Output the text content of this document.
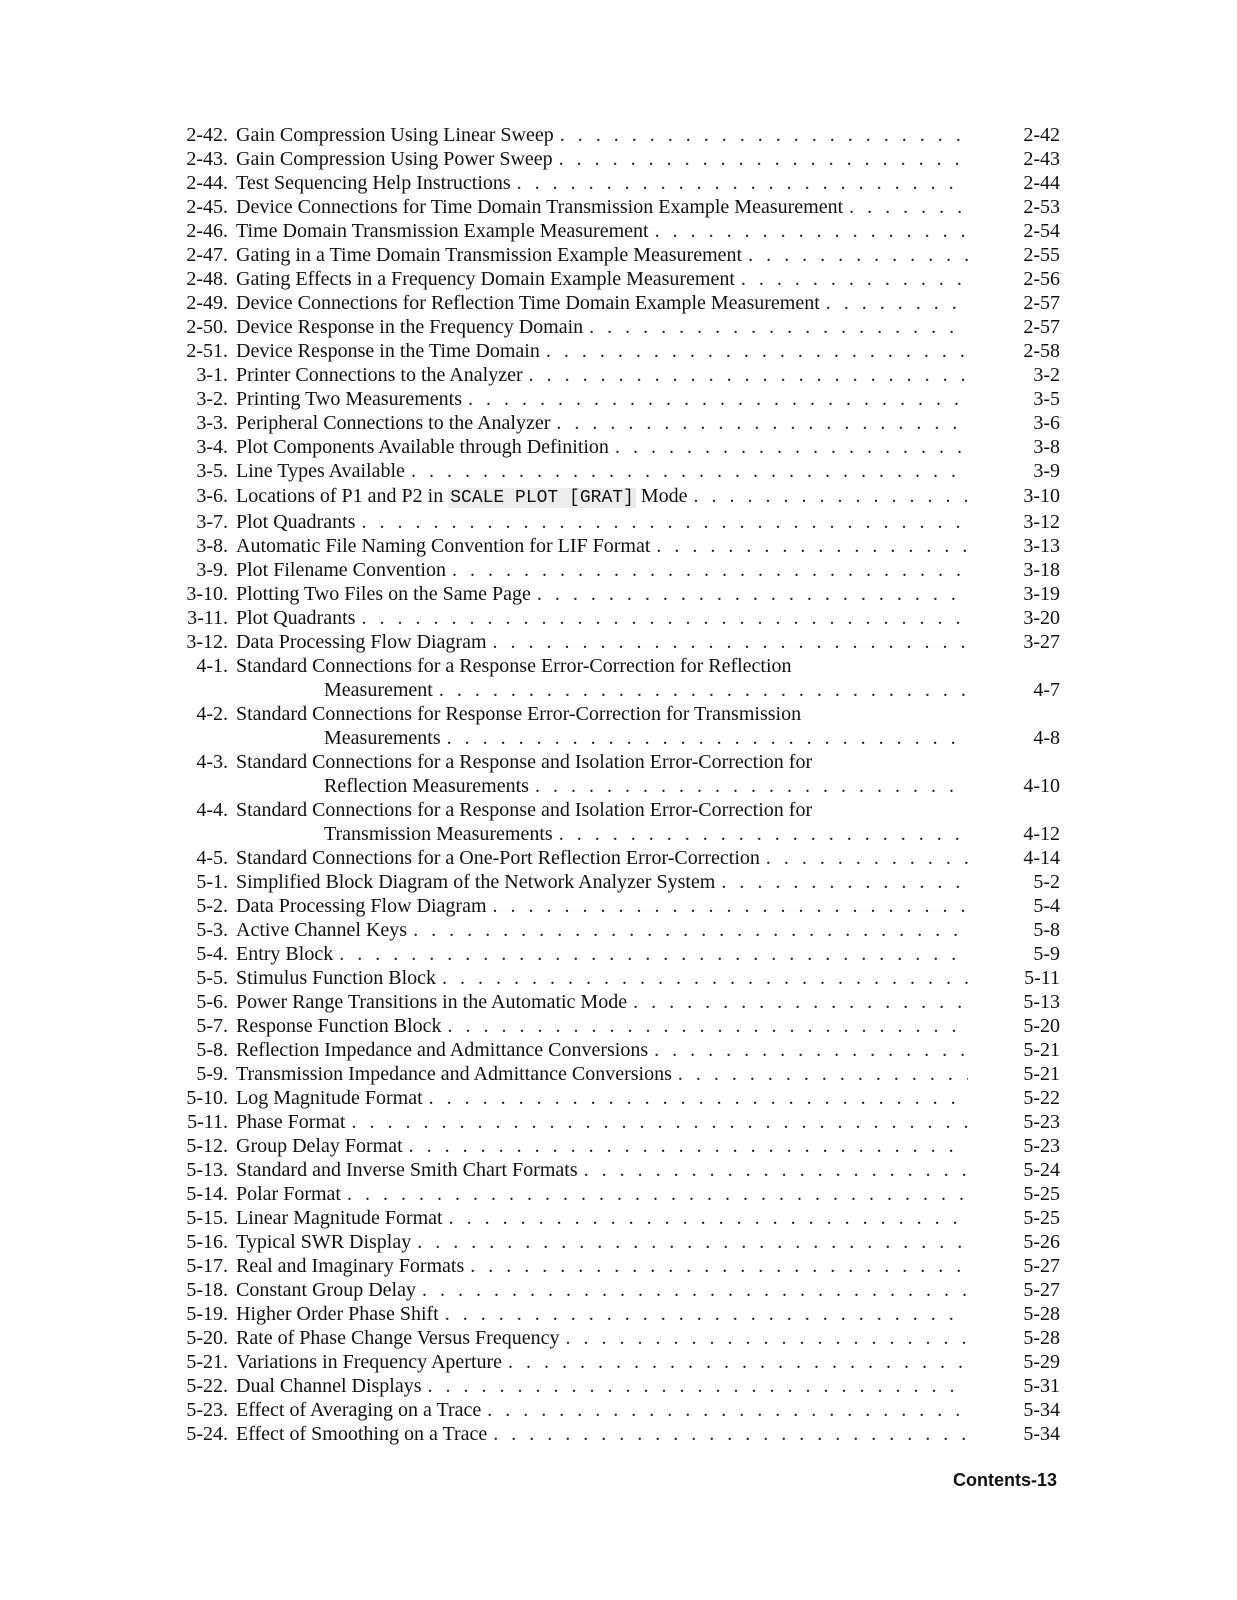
2-42. Gain Compression Using Linear Sweep . . .	2-42
2-43. Gain Compression Using Power Sweep . . .	2-43
2-44. Test Sequencing Help Instructions . . .	2-44
2-45. Device Connections for Time Domain Transmission Example Measurement . . .	2-53
2-46. Time Domain Transmission Example Measurement . . .	2-54
2-47. Gating in a Time Domain Transmission Example Measurement . . .	2-55
2-48. Gating Effects in a Frequency Domain Example Measurement . . .	2-56
2-49. Device Connections for Reflection Time Domain Example Measurement . . .	2-57
2-50. Device Response in the Frequency Domain . . .	2-57
2-51. Device Response in the Time Domain . . .	2-58
3-1. Printer Connections to the Analyzer . . .	3-2
3-2. Printing Two Measurements . . .	3-5
3-3. Peripheral Connections to the Analyzer . . .	3-6
3-4. Plot Components Available through Definition . . .	3-8
3-5. Line Types Available . . .	3-9
3-6. Locations of P1 and P2 in SCALE PLOT [GRAT] Mode . . .	3-10
3-7. Plot Quadrants . . .	3-12
3-8. Automatic File Naming Convention for LIF Format . . .	3-13
3-9. Plot Filename Convention . . .	3-18
3-10. Plotting Two Files on the Same Page . . .	3-19
3-11. Plot Quadrants . . .	3-20
3-12. Data Processing Flow Diagram . . .	3-27
4-1. Standard Connections for a Response Error-Correction for Reflection
Measurement . . .	4-7
4-2. Standard Connections for Response Error-Correction for Transmission
Measurements . . .	4-8
4-3. Standard Connections for a Response and Isolation Error-Correction for
Reflection Measurements . . .	4-10
4-4. Standard Connections for a Response and Isolation Error-Correction for
Transmission Measurements . . .	4-12
4-5. Standard Connections for a One-Port Reflection Error-Correction . . .	4-14
5-1. Simplified Block Diagram of the Network Analyzer System . . .	5-2
5-2. Data Processing Flow Diagram . . .	5-4
5-3. Active Channel Keys . . .	5-8
5-4. Entry Block . . .	5-9
5-5. Stimulus Function Block . . .	5-11
5-6. Power Range Transitions in the Automatic Mode . . .	5-13
5-7. Response Function Block . . .	5-20
5-8. Reflection Impedance and Admittance Conversions . . .	5-21
5-9. Transmission Impedance and Admittance Conversions . . .	5-21
5-10. Log Magnitude Format . . .	5-22
5-11. Phase Format . . .	5-23
5-12. Group Delay Format . . .	5-23
5-13. Standard and Inverse Smith Chart Formats . . .	5-24
5-14. Polar Format . . .	5-25
5-15. Linear Magnitude Format . . .	5-25
5-16. Typical SWR Display . . .	5-26
5-17. Real and Imaginary Formats . . .	5-27
5-18. Constant Group Delay . . .	5-27
5-19. Higher Order Phase Shift . . .	5-28
5-20. Rate of Phase Change Versus Frequency . . .	5-28
5-21. Variations in Frequency Aperture . . .	5-29
5-22. Dual Channel Displays . . .	5-31
5-23. Effect of Averaging on a Trace . . .	5-34
5-24. Effect of Smoothing on a Trace . . .	5-34
Contents-13
